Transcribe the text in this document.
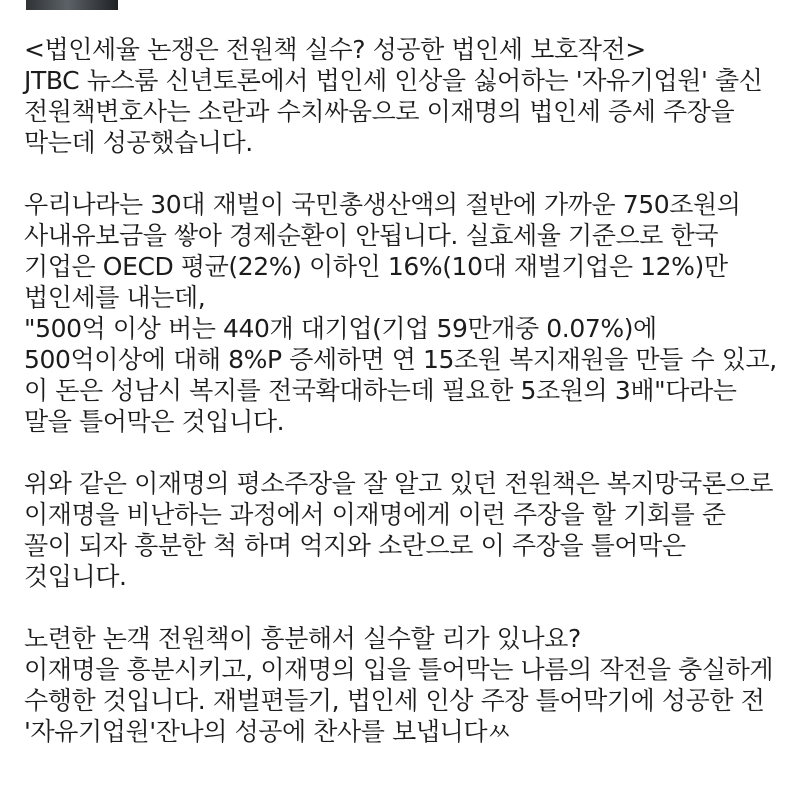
<법인세율 논쟁은 전원책 실수? 성공한 법인세 보호작전>
JTBC 뉴스룸 신년토론에서 법인세 인상을 싫어하는 '자유기업원' 출신
전원책변호사는 소란과 수치싸움으로 이재명의 법인세 증세 주장을
막는데 성공했습니다.
우리나라는 30대 재벌이 국민총생산액의 절반에 가까운 750조원의
사내유보금을 쌓아 경제순환이 안됩니다. 실효세율 기준으로 한국
기업은 OECD 평균(22%) 이하인 16%(10대 재벌기업은 12%)만
법인세를 내는데,
"500억 이상 버는 440개 대기업(기업 59만개중 0.07%)에
500억이상에 대해 8%P 증세하면 연 15조원 복지재원을 만들 수 있고,
이 돈은 성남시 복지를 전국확대하는데 필요한 5조원의 3배"다라는
말을 틀어막은 것입니다.
위와 같은 이재명의 평소주장을 잘 알고 있던 전원책은 복지망국론으로
이재명을 비난하는 과정에서 이재명에게 이런 주장을 할 기회를 준
꼴이 되자 흥분한 척 하며 억지와 소란으로 이 주장을 틀어막은
것입니다.
노련한 논객 전원책이 흥분해서 실수할 리가 있나요?
이재명을 흥분시키고, 이재명의 입을 틀어막는 나름의 작전을 충실하게
수행한 것입니다. 재벌편들기, 법인세 인상 주장 틀어막기에 성공한 전
'자유기업원'잔나의 성공에 찬사를 보냅니다ㅆ
